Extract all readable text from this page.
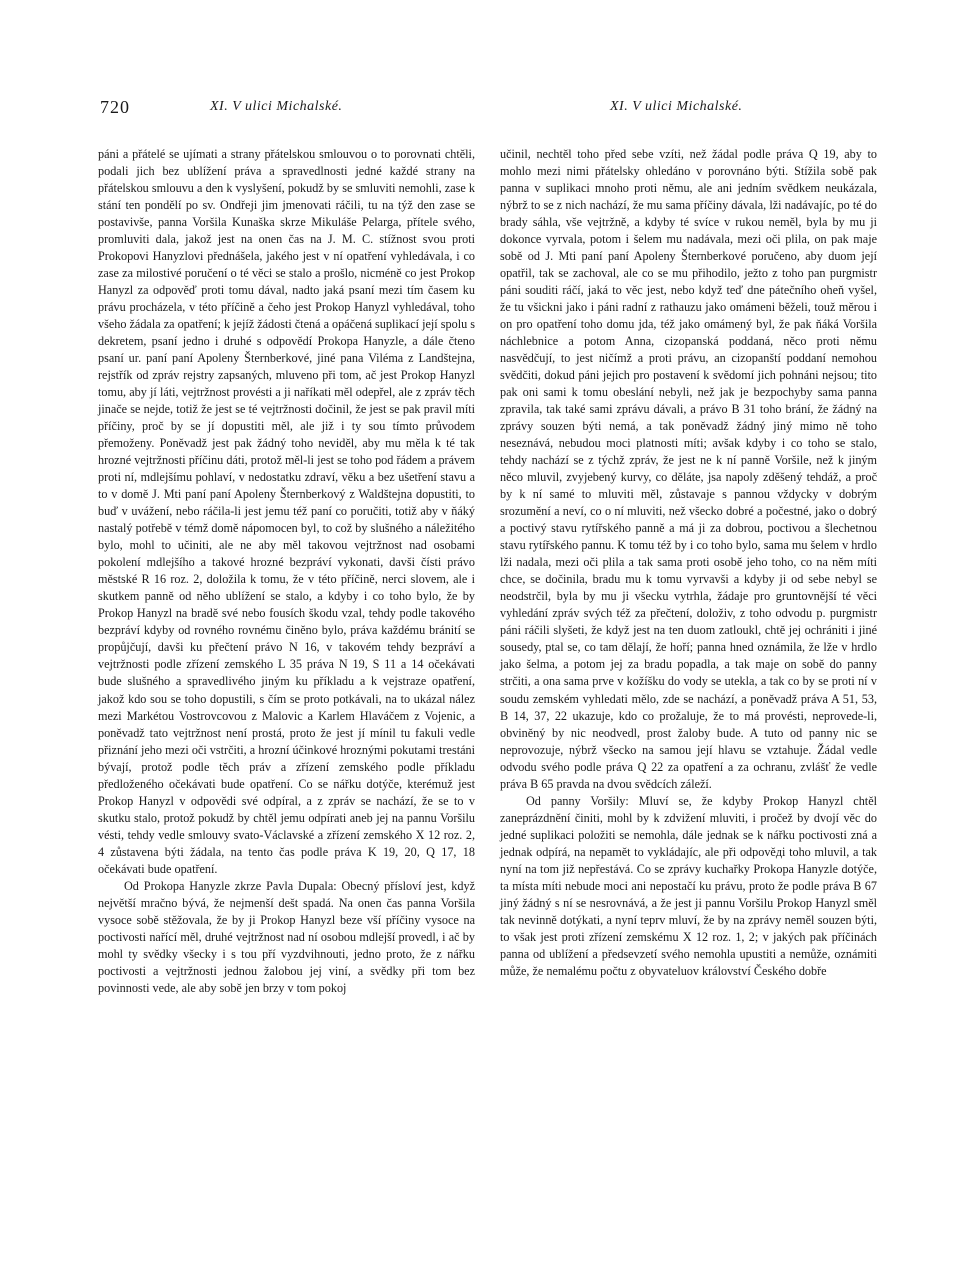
720	XI. V ulici Michalské.	XI. V ulici Michalské.

páni a přátelé se ujímati a strany přátelskou smlouvou o to porovnati chtěli, podali jich bez ublížení práva a spravedlnosti jedné každé strany na přátelskou smlouvu a den k vyslyšení, pokudž by se smluviti nemohli, zase k stání ten pondělí po sv. Ondřeji jim jmenovati ráčili, tu na týž den zase se postavivše, panna Voršila Kunaška skrze Mikuláše Pelarga, přítele svého, promluviti dala, jakož jest na onen čas na J. M. C. stížnost svou proti Prokopovi Hanyzlovi přednášela, jakého jest v ní opatření vyhledávala, i co zase za milostivé poručení o té věci se stalo a prošlo, nicméně co jest Prokop Hanyzl za odpověď proti tomu dával, nadto jaká psaní mezi tím časem ku právu procházela, v této příčině a čeho jest Prokop Hanyzl vyhledával, toho všeho žádala za opatření; k jejíž žádosti čtená a opáčená suplikací její spolu s dekretem, psaní jedno i druhé s odpovědí Prokopa Hanyzle, a dále čteno psaní ur. paní paní Apoleny Šternberkové, jiné pana Viléma z Landštejna, rejstřík od zpráv rejstry zapsaných, mluveno při tom, ač jest Prokop Hanyzl tomu, aby jí láti, vejtržnost provésti a ji naříkati měl odepřel, ale z zpráv těch jinače se nejde, totiž že jest se té vejtržnosti dočinil, že jest se pak pravil míti příčiny, proč by se jí dopustiti měl, ale již i ty sou tímto průvodem přemoženy. Poněvadž jest pak žádný toho neviděl, aby mu měla k té tak hrozné vejtržnosti příčinu dáti, protož měl-li jest se toho pod řádem a právem proti ní, mdlejšímu pohlaví, v nedostatku zdraví, věku a bez ušetření stavu a to v domě J. Mti paní paní Apoleny Šternberkový z Waldštejna dopustiti, to buď v uvážení, nebo ráčila-li jest jemu též paní co poručiti, totiž aby v ňáký nastalý potřebě v témž domě nápomocen byl, to což by slušného a náležitého bylo, mohl to učiniti, ale ne aby měl takovou vejtržnost nad osobami pokolení mdlejšího a takové hrozné bezpráví vykonati, davši čísti právo městské R 16 roz. 2, doložila k tomu, že v této příčině, nerci slovem, ale i skutkem panně od něho ublížení se stalo, a kdyby i co toho bylo, že by Prokop Hanyzl na bradě své nebo fousích škodu vzal, tehdy podle takového bezpráví kdyby od rovného rovnému činěno bylo, práva každému bránití se propůjčují, davši ku přečtení právo N 16, v takovém tehdy bezpráví a vejtržnosti podle zřízení zemského L 35 práva N 19, S 11 a 14 očekávati bude slušného a spravedlivého jiným ku příkladu a k vejstraze opatření, jakož kdo sou se toho dopustili, s čím se proto potkávali, na to ukázal nález mezi Markétou Vostrovcovou z Malovic a Karlem Hlaváčem z Vojenic, a poněvadž tato vejtržnost není prostá, proto že jest jí mínil tu fakuli vedle přiznání jeho mezi oči vstrčiti, a hrozní účinkové hroznými pokutami trestáni bývají, protož podle těch práv a zřízení zemského podle příkladu předloženého očekávati bude opatření. Co se nářku dotýče, kterémuž jest Prokop Hanyzl v odpovědi své odpíral, a z zpráv se nachází, že se to v skutku stalo, protož pokudž by chtěl jemu odpírati aneb jej na pannu Voršilu vésti, tehdy vedle smlouvy svato-Václavské a zřízení zemského X 12 roz. 2, 4 zůstavena býti žádala, na tento čas podle práva K 19, 20, Q 17, 18 očekávati bude opatření.

Od Prokopa Hanyzle zkrze Pavla Dupala: Obecný přísloví jest, když největší mračno bývá, že nejmenší dešt spadá. Na onen čas panna Voršila vysoce sobě stěžovala, že by ji Prokop Hanyzl beze vší příčiny vysoce na poctivosti nařící měl, druhé vejtržnost nad ní osobou mdlejší provedl, i ač by mohl ty svědky všecky i s tou pří vyzdvihnouti, jedno proto, že z nářku poctivosti a vejtržnosti jednou žalobou jej viní, a svědky při tom bez povinnosti vede, ale aby sobě jen brzy v tom pokoj

učinil, nechtěl toho před sebe vzíti, než žádal podle práva Q 19, aby to mohlo mezi nimi přátelsky ohledáno v porovnáno býti. Stížila sobě pak panna v suplikaci mnoho proti němu, ale ani jedním svědkem neukázala, nýbrž to se z nich nachází, že mu sama příčiny dávala, lži nadávajíc, po té do brady sáhla, vše vejtržně, a kdyby té svíce v rukou neměl, byla by mu ji dokonce vyrvala, potom i šelem mu nadávala, mezi oči plila, on pak maje sobě od J. Mti paní paní Apoleny Šternberkové poručeno, aby duom její opatřil, tak se zachoval, ale co se mu přihodilo, ježto z toho pan purgmistr páni souditi ráčí, jaká to věc jest, nebo když teď dne pátečního oheň vyšel, že tu všickni jako i páni radní z rathauzu jako omámeni běželi, touž měrou i on pro opatření toho domu jda, též jako omámený byl, že pak ňáká Voršila náchlebnice a potom Anna, cizopanská poddaná, něco proti němu nasvědčují, to jest ničímž a proti právu, an cizopanští poddaní nemohou svědčiti, dokud páni jejich pro postavení k svědomí jich pohnáni nejsou; tito pak oni sami k tomu obeslání nebyli, než jak je bezpochyby sama panna zpravila, tak také sami zprávu dávali, a právo B 31 toho brání, že žádný na zprávy souzen býti nemá, a tak poněvadž žádný jiný mimo ně toho neseznává, nebudou moci platnosti míti; avšak kdyby i co toho se stalo, tehdy nachází se z týchž zpráv, že jest ne k ní panně Voršile, než k jiným něco mluvil, zvyjebený kurvy, co děláte, jsa napoly zděšený tehdáž, a proč by k ní samé to mluviti měl, zůstavaje s pannou vždycky v dobrým srozumění a neví, co o ní mluviti, než všecko dobré a počestné, jako o dobrý a poctivý stavu rytířského panně a má ji za dobrou, poctivou a šlechetnou stavu rytířského pannu. K tomu též by i co toho bylo, sama mu šelem v hrdlo lži nadala, mezi oči plila a tak sama proti osobě jeho toho, co na něm míti chce, se dočinila, bradu mu k tomu vyrvavši a kdyby ji od sebe nebyl se neodstrčil, byla by mu ji všecku vytrhla, žádaje pro gruntovnější té věci vyhledání zpráv svých též za přečtení, doloživ, z toho odvodu p. purgmistr páni ráčili slyšeti, že když jest na ten duom zatloukl, chtě jej ochrániti i jiné sousedy, ptal se, co tam dělají, že hoří; panna hned oznámila, že lže v hrdlo jako šelma, a potom jej za bradu popadla, a tak maje on sobě do panny strčiti, a ona sama prve v kožíšku do vody se utekla, a tak co by se proti ní v soudu zemském vyhledati mělo, zde se nachází, a poněvadž práva A 51, 53, B 14, 37, 22 ukazuje, kdo co prožaluje, že to má provésti, neprovede-li, obviněný by nic neodvedl, prost žaloby bude. A tuto od panny nic se neprovozuje, nýbrž všecko na samou její hlavu se vztahuje. Žádal vedle odvodu svého podle práva Q 22 za opatření a za ochranu, zvlášť že vedle práva B 65 pravda na dvou svědcích záleží.

Od panny Voršily: Mluví se, že kdyby Prokop Hanyzl chtěl zaneprázdnění činiti, mohl by k zdvižení mluviti, i pročež by dvojí věc do jedné suplikaci položiti se nemohla, dále jednak se k nářku poctivosti zná a jednak odpírá, na nepamět to vykládajíc, ale při odpověді toho mluvil, a tak nyní na tom již nepřestává. Co se zprávy kuchařky Prokopa Hanyzle dotýče, ta místa míti nebude moci ani nepostačí ku právu, proto že podle práva B 67 jiný žádný s ní se nesrovnává, a že jest ji pannu Voršilu Prokop Hanyzl směl tak nevinně dotýkati, a nyní teprv mluví, že by na zprávy neměl souzen býti, to však jest proti zřízení zemskému X 12 roz. 1, 2; v jakých pak příčinách panna od ublížení a předsevzetí svého nemohla upustiti a nemůže, oznámiti může, že nemalému počtu z obyvateluov království Českého dobře
